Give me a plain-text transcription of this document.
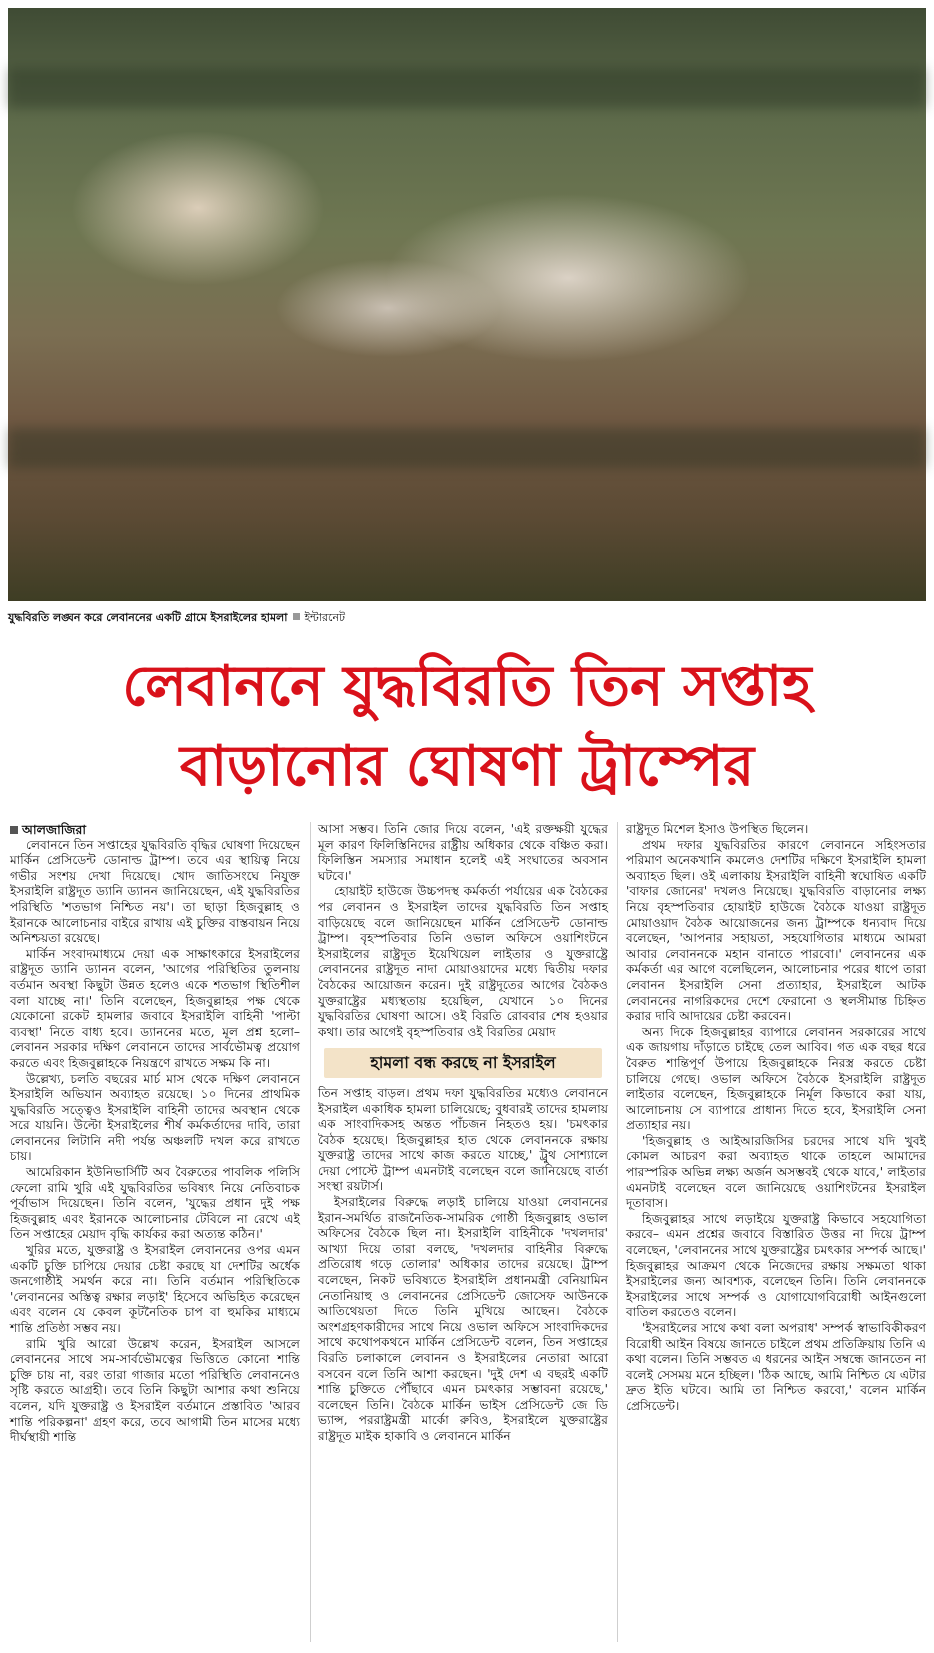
যুদ্ধবিরতি লঙ্ঘন করে লেবাননের একটি গ্রামে ইসরাইলের হামলা ইন্টারনেট
লেবাননে যুদ্ধবিরতি তিন সপ্তাহ
বাড়ানোর ঘোষণা ট্রাম্পের
আলজাজিরা

লেবাননে তিন সপ্তাহের যুদ্ধবিরতি বৃদ্ধির ঘোষণা দিয়েছেন মার্কিন প্রেসিডেন্ট ডোনাল্ড ট্রাম্প। তবে এর স্থায়িত্ব নিয়ে গভীর সংশয় দেখা দিয়েছে। খোদ জাতিসংঘে নিযুক্ত ইসরাইলি রাষ্ট্রদূত ড্যানি ড্যানন জানিয়েছেন, এই যুদ্ধবিরতির পরিস্থিতি 'শতভাগ নিশ্চিত নয়'। তা ছাড়া হিজবুল্লাহ ও ইরানকে আলোচনার বাইরে রাখায় এই চুক্তির বাস্তবায়ন নিয়ে অনিশ্চয়তা রয়েছে।

মার্কিন সংবাদমাধ্যমে দেয়া এক সাক্ষাৎকারে ইসরাইলের রাষ্ট্রদূত ড্যানি ড্যানন বলেন, 'আগের পরিস্থিতির তুলনায় বর্তমান অবস্থা কিছুটা উন্নত হলেও একে শতভাগ স্থিতিশীল বলা যাচ্ছে না।' তিনি বলেছেন, হিজবুল্লাহর পক্ষ থেকে যেকোনো রকেট হামলার জবাবে ইসরাইলি বাহিনী 'পাল্টা ব্যবস্থা' নিতে বাধ্য হবে। ড্যাননের মতে, মূল প্রশ্ন হলো– লেবানন সরকার দক্ষিণ লেবাননে তাদের সার্বভৌমত্ব প্রয়োগ করতে এবং হিজবুল্লাহকে নিয়ন্ত্রণে রাখতে সক্ষম কি না।

উল্লেখ্য, চলতি বছরের মার্চ মাস থেকে দক্ষিণ লেবাননে ইসরাইলি অভিযান অব্যাহত রয়েছে। ১০ দিনের প্রাথমিক যুদ্ধবিরতি সত্ত্বেও ইসরাইলি বাহিনী তাদের অবস্থান থেকে সরে যায়নি। উল্টো ইসরাইলের শীর্ষ কর্মকর্তাদের দাবি, তারা লেবাননের লিটানি নদী পর্যন্ত অঞ্চলটি দখল করে রাখতে চায়।

আমেরিকান ইউনিভার্সিটি অব বৈরুতের পাবলিক পলিসি ফেলো রামি খুরি এই যুদ্ধবিরতির ভবিষ্যৎ নিয়ে নেতিবাচক পূর্বাভাস দিয়েছেন। তিনি বলেন, 'যুদ্ধের প্রধান দুই পক্ষ হিজবুল্লাহ এবং ইরানকে আলোচনার টেবিলে না রেখে এই তিন সপ্তাহের মেয়াদ বৃদ্ধি কার্যকর করা অত্যন্ত কঠিন।'

খুরির মতে, যুক্তরাষ্ট্র ও ইসরাইল লেবাননের ওপর এমন একটি চুক্তি চাপিয়ে দেয়ার চেষ্টা করছে যা দেশটির অর্ধেক জনগোষ্ঠীই সমর্থন করে না। তিনি বর্তমান পরিস্থিতিকে 'লেবাননের অস্তিত্ব রক্ষার লড়াই' হিসেবে অভিহিত করেছেন এবং বলেন যে কেবল কূটনৈতিক চাপ বা হুমকির মাধ্যমে শান্তি প্রতিষ্ঠা সম্ভব নয়।

রামি খুরি আরো উল্লেখ করেন, ইসরাইল আসলে লেবাননের সাথে সম-সার্বভৌমত্বের ভিত্তিতে কোনো শান্তি চুক্তি চায় না, বরং তারা গাজার মতো পরিস্থিতি লেবাননেও সৃষ্টি করতে আগ্রহী। তবে তিনি কিছুটা আশার কথা শুনিয়ে বলেন, যদি যুক্তরাষ্ট্র ও ইসরাইল বর্তমানে প্রস্তাবিত 'আরব শান্তি পরিকল্পনা' গ্রহণ করে, তবে আগামী তিন মাসের মধ্যে দীর্ঘস্থায়ী শান্তি

আসা সম্ভব। তিনি জোর দিয়ে বলেন, 'এই রক্তক্ষয়ী যুদ্ধের মূল কারণ ফিলিস্তিনিদের রাষ্ট্রীয় অধিকার থেকে বঞ্চিত করা। ফিলিস্তিন সমস্যার সমাধান হলেই এই সংঘাতের অবসান ঘটবে।'

হোয়াইট হাউজে উচ্চপদস্থ কর্মকর্তা পর্যায়ের এক বৈঠকের পর লেবানন ও ইসরাইল তাদের যুদ্ধবিরতি তিন সপ্তাহ বাড়িয়েছে বলে জানিয়েছেন মার্কিন প্রেসিডেন্ট ডোনাল্ড ট্রাম্প। বৃহস্পতিবার তিনি ওভাল অফিসে ওয়াশিংটনে ইসরাইলের রাষ্ট্রদূত ইয়েখিয়েল লাইতার ও যুক্তরাষ্ট্রে লেবাননের রাষ্ট্রদূত নাদা মোয়াওয়াদের মধ্যে দ্বিতীয় দফার বৈঠকের আয়োজন করেন। দুই রাষ্ট্রদূতের আগের বৈঠকও যুক্তরাষ্ট্রের মধ্যস্থতায় হয়েছিল, যেখানে ১০ দিনের যুদ্ধবিরতির ঘোষণা আসে। ওই বিরতি রোববার শেষ হওয়ার কথা। তার আগেই বৃহস্পতিবার ওই বিরতির মেয়াদ

হামলা বন্ধ করছে না ইসরাইল

তিন সপ্তাহ বাড়ল। প্রথম দফা যুদ্ধবিরতির মধ্যেও লেবাননে ইসরাইল একাধিক হামলা চালিয়েছে; বুধবারই তাদের হামলায় এক সাংবাদিকসহ অন্তত পাঁচজন নিহতও হয়। 'চমৎকার বৈঠক হয়েছে। হিজবুল্লাহর হাত থেকে লেবাননকে রক্ষায় যুক্তরাষ্ট্র তাদের সাথে কাজ করতে যাচ্ছে,' ট্রুথ সোশ্যালে দেয়া পোস্টে ট্রাম্প এমনটাই বলেছেন বলে জানিয়েছে বার্তা সংস্থা রয়টার্স।

ইসরাইলের বিরুদ্ধে লড়াই চালিয়ে যাওয়া লেবাননের ইরান-সমর্থিত রাজনৈতিক-সামরিক গোষ্ঠী হিজবুল্লাহ ওভাল অফিসের বৈঠকে ছিল না। ইসরাইলি বাহিনীকে 'দখলদার' আখ্যা দিয়ে তারা বলছে, 'দখলদার বাহিনীর বিরুদ্ধে প্রতিরোধ গড়ে তোলার' অধিকার তাদের রয়েছে। ট্রাম্প বলেছেন, নিকট ভবিষ্যতে ইসরাইলি প্রধানমন্ত্রী বেনিয়ামিন নেতানিয়াহু ও লেবাননের প্রেসিডেন্ট জোসেফ আউনকে আতিথেয়তা দিতে তিনি মুখিয়ে আছেন। বৈঠকে অংশগ্রহণকারীদের সাথে নিয়ে ওভাল অফিসে সাংবাদিকদের সাথে কথোপকথনে মার্কিন প্রেসিডেন্ট বলেন, তিন সপ্তাহের বিরতি চলাকালে লেবানন ও ইসরাইলের নেতারা আরো বসবেন বলে তিনি আশা করছেন। 'দুই দেশ এ বছরই একটি শান্তি চুক্তিতে পৌঁছাবে এমন চমৎকার সম্ভাবনা রয়েছে,' বলেছেন তিনি। বৈঠকে মার্কিন ভাইস প্রেসিডেন্ট জে ডি ভ্যান্স, পররাষ্ট্রমন্ত্রী মার্কো রুবিও, ইসরাইলে যুক্তরাষ্ট্রের রাষ্ট্রদূত মাইক হাকাবি ও লেবাননে মার্কিন

রাষ্ট্রদূত মিশেল ইসাও উপস্থিত ছিলেন।

প্রথম দফার যুদ্ধবিরতির কারণে লেবাননে সহিংসতার পরিমাণ অনেকখানি কমলেও দেশটির দক্ষিণে ইসরাইলি হামলা অব্যাহত ছিল। ওই এলাকায় ইসরাইলি বাহিনী স্বঘোষিত একটি 'বাফার জোনের' দখলও নিয়েছে। যুদ্ধবিরতি বাড়ানোর লক্ষ্য নিয়ে বৃহস্পতিবার হোয়াইট হাউজে বৈঠকে যাওয়া রাষ্ট্রদূত মোয়াওয়াদ বৈঠক আয়োজনের জন্য ট্রাম্পকে ধন্যবাদ দিয়ে বলেছেন, 'আপনার সহায়তা, সহযোগিতার মাধ্যমে আমরা আবার লেবাননকে মহান বানাতে পারবো।' লেবাননের এক কর্মকর্তা এর আগে বলেছিলেন, আলোচনার পরের ধাপে তারা লেবানন ইসরাইলি সেনা প্রত্যাহার, ইসরাইলে আটক লেবাননের নাগরিকদের দেশে ফেরানো ও স্থলসীমান্ত চিহ্নিত করার দাবি আদায়ের চেষ্টা করবেন।

অন্য দিকে হিজবুল্লাহর ব্যাপারে লেবানন সরকারের সাথে এক জায়গায় দাঁড়াতে চাইছে তেল আবিব। গত এক বছর ধরে বৈরুত শান্তিপূর্ণ উপায়ে হিজবুল্লাহকে নিরস্ত্র করতে চেষ্টা চালিয়ে গেছে। ওভাল অফিসে বৈঠকে ইসরাইলি রাষ্ট্রদূত লাইতার বলেছেন, হিজবুল্লাহকে নির্মূল কিভাবে করা যায়, আলোচনায় সে ব্যাপারে প্রাধান্য দিতে হবে, ইসরাইলি সেনা প্রত্যাহার নয়।

'হিজবুল্লাহ ও আইআরজিসির চরদের সাথে যদি খুবই কোমল আচরণ করা অব্যাহত থাকে তাহলে আমাদের পারস্পরিক অভিন্ন লক্ষ্য অর্জন অসম্ভবই থেকে যাবে,' লাইতার এমনটাই বলেছেন বলে জানিয়েছে ওয়াশিংটনের ইসরাইল দূতাবাস।

হিজবুল্লাহর সাথে লড়াইয়ে যুক্তরাষ্ট্র কিভাবে সহযোগিতা করবে– এমন প্রশ্নের জবাবে বিস্তারিত উত্তর না দিয়ে ট্রাম্প বলেছেন, 'লেবাননের সাথে যুক্তরাষ্ট্রের চমৎকার সম্পর্ক আছে।' হিজবুল্লাহর আক্রমণ থেকে নিজেদের রক্ষায় সক্ষমতা থাকা ইসরাইলের জন্য আবশ্যক, বলেছেন তিনি। তিনি লেবাননকে ইসরাইলের সাথে সম্পর্ক ও যোগাযোগবিরোধী আইনগুলো বাতিল করতেও বলেন।

'ইসরাইলের সাথে কথা বলা অপরাধ' সম্পর্ক স্বাভাবিকীকরণ বিরোধী আইন বিষয়ে জানতে চাইলে প্রথম প্রতিক্রিয়ায় তিনি এ কথা বলেন। তিনি সম্ভবত এ ধরনের আইন সম্বন্ধে জানতেন না বলেই সেসময় মনে হচ্ছিল। 'ঠিক আছে, আমি নিশ্চিত যে এটার দ্রুত ইতি ঘটবে। আমি তা নিশ্চিত করবো,' বলেন মার্কিন প্রেসিডেন্ট।
